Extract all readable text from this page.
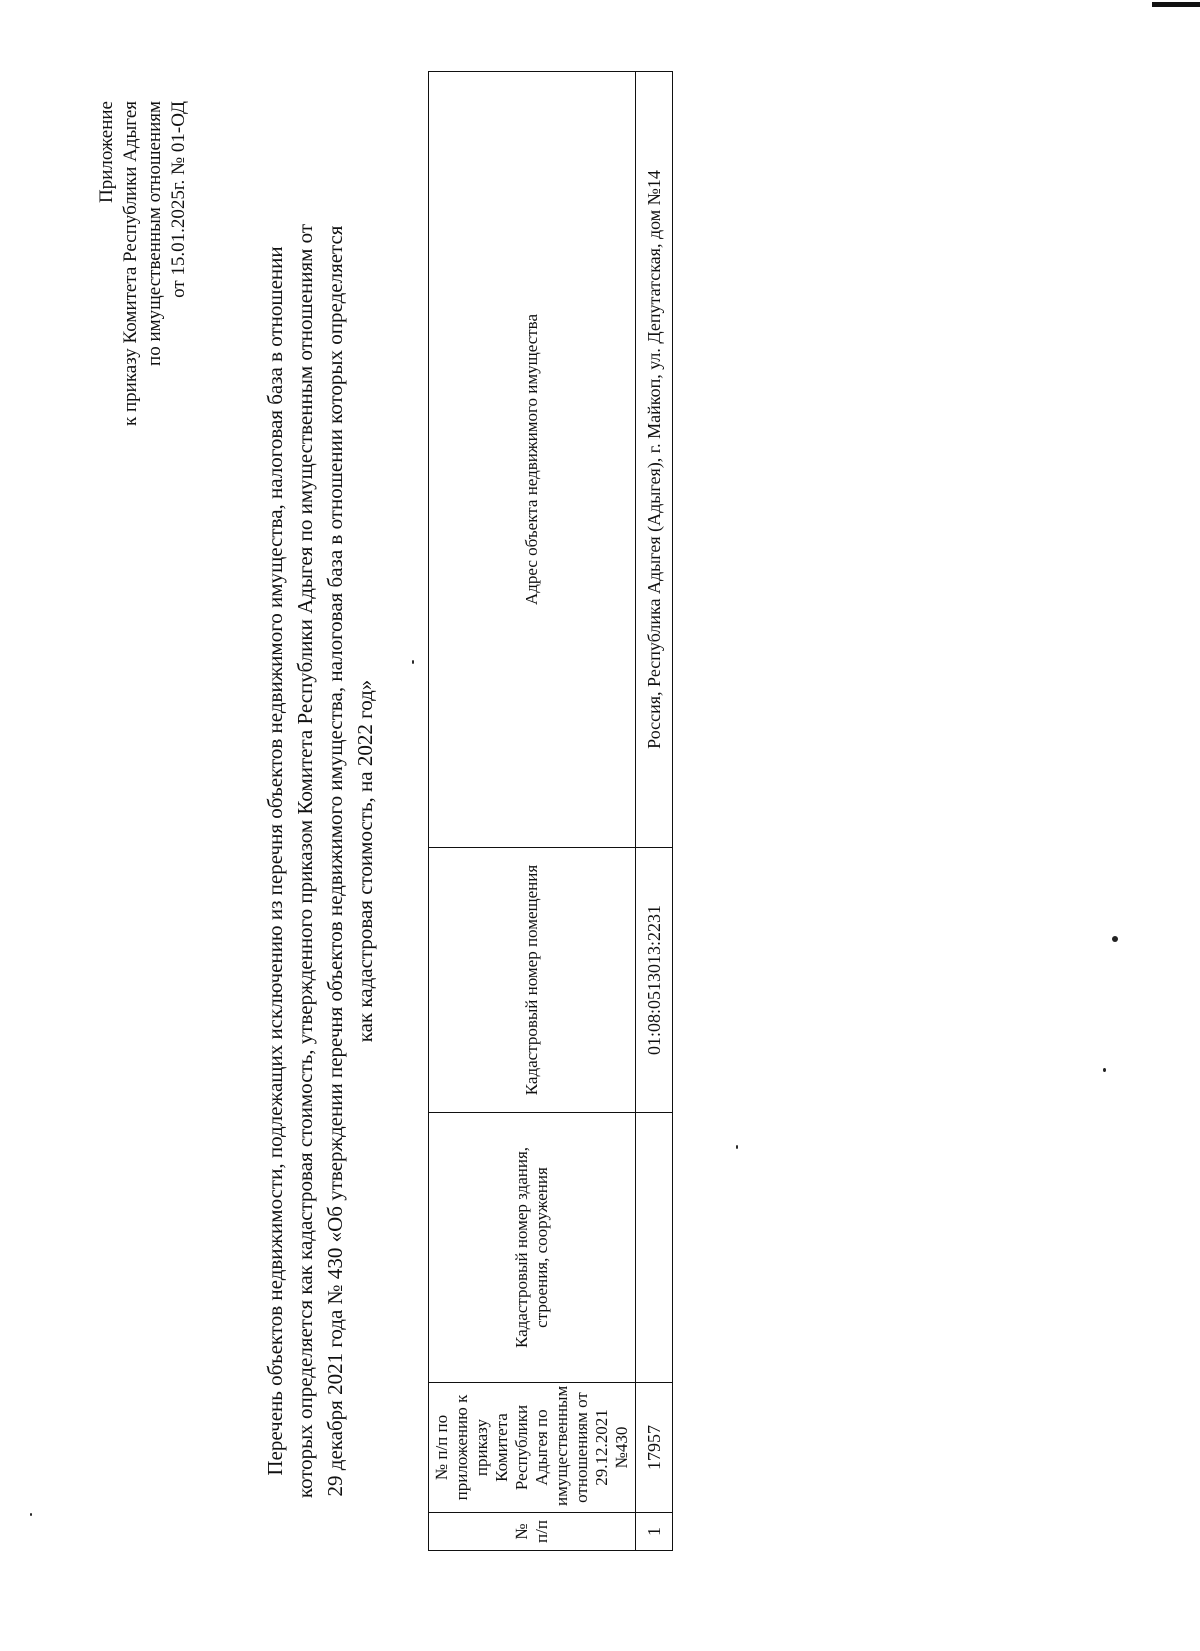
Приложение к приказу Комитета Республики Адыгея по имущественным отношениям от 15.01.2025г. № 01-ОД
Перечень объектов недвижимости, подлежащих исключению из перечня объектов недвижимого имущества, налоговая база в отношении которых определяется как кадастровая стоимость, утвержденного приказом Комитета Республики Адыгея по имущественным отношениям от 29 декабря 2021 года № 430 «Об утверждении перечня объектов недвижимого имущества, налоговая база в отношении которых определяется как кадастровая стоимость, на 2022 год»
№ п/п	№ п/п по приложению к приказу Комитета Республики Адыгея по имущественным отношениям от 29.12.2021 №430	Кадастровый номер здания, строения, сооружения	Кадастровый номер помещения	Адрес объекта недвижимого имущества
1	17957		01:08:0513013:2231	Россия, Республика Адыгея (Адыгея), г. Майкоп, ул. Депутатская, дом №14
